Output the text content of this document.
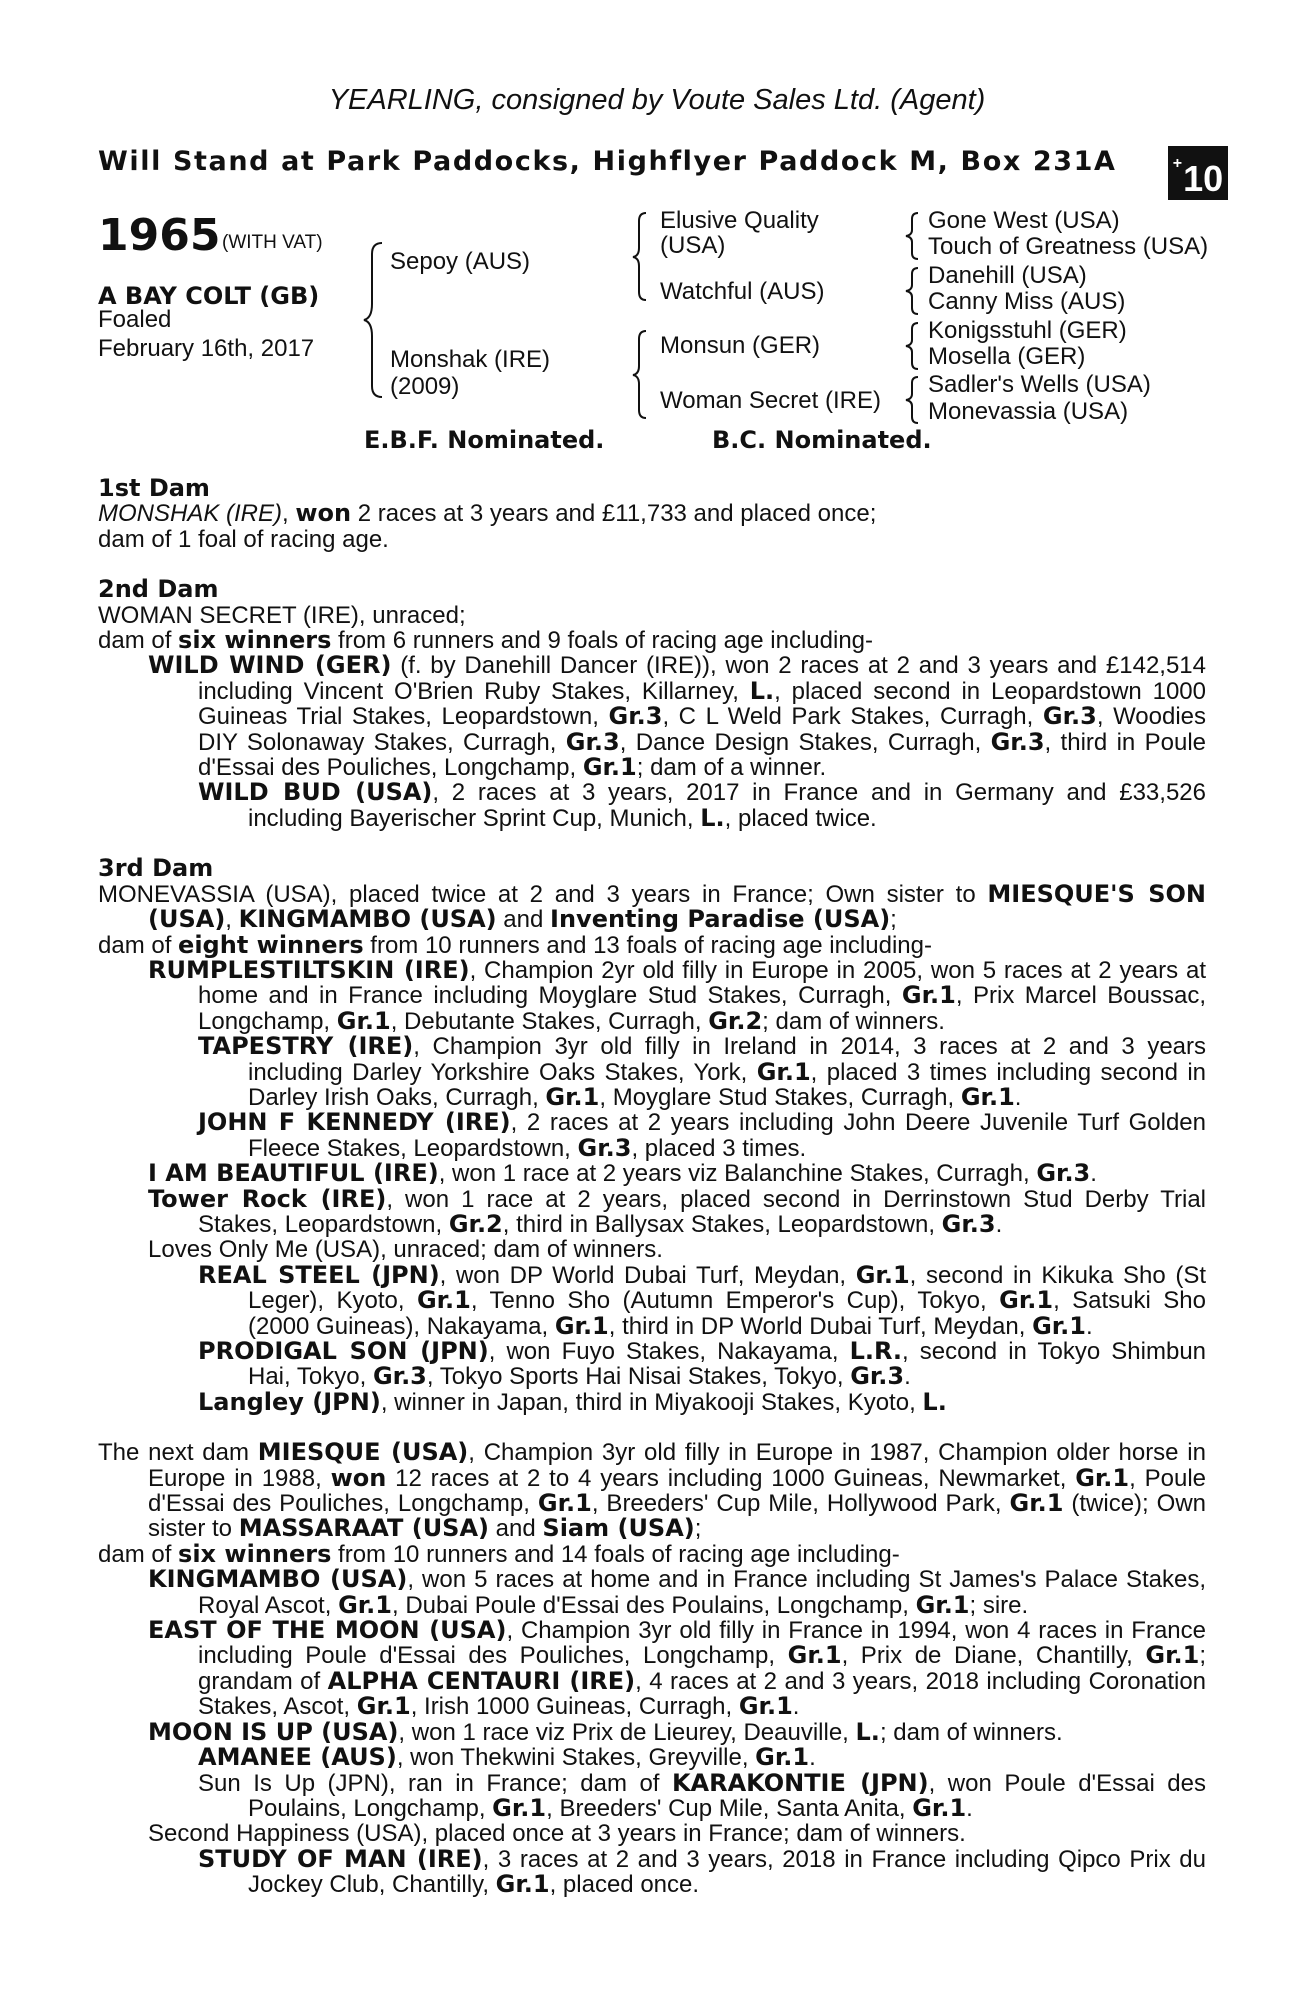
YEARLING, consigned by Voute Sales Ltd. (Agent)
Will Stand at Park Paddocks, Highflyer Paddock M, Box 231A	+10
1965 (WITH VAT)
A BAY COLT (GB)
Foaled
February 16th, 2017
Sepoy (AUS)
Monshak (IRE)
(2009)
Elusive Quality
(USA)
Watchful (AUS)
Monsun (GER)
Woman Secret (IRE)
Gone West (USA)
Touch of Greatness (USA)
Danehill (USA)
Canny Miss (AUS)
Konigsstuhl (GER)
Mosella (GER)
Sadler's Wells (USA)
Monevassia (USA)
E.B.F. Nominated.	B.C. Nominated.

1st Dam

MONSHAK (IRE), won 2 races at 3 years and £11,733 and placed once;

dam of 1 foal of racing age.

2nd Dam

WOMAN SECRET (IRE), unraced;

dam of six winners from 6 runners and 9 foals of racing age including-

WILD WIND (GER) (f. by Danehill Dancer (IRE)), won 2 races at 2 and 3 years and £142,514 including Vincent O'Brien Ruby Stakes, Killarney, L., placed second in Leopardstown 1000 Guineas Trial Stakes, Leopardstown, Gr.3, C L Weld Park Stakes, Curragh, Gr.3, Woodies DIY Solonaway Stakes, Curragh, Gr.3, Dance Design Stakes, Curragh, Gr.3, third in Poule d'Essai des Pouliches, Longchamp, Gr.1; dam of a winner.

WILD BUD (USA), 2 races at 3 years, 2017 in France and in Germany and £33,526 including Bayerischer Sprint Cup, Munich, L., placed twice.

3rd Dam

MONEVASSIA (USA), placed twice at 2 and 3 years in France; Own sister to MIESQUE'S SON (USA), KINGMAMBO (USA) and Inventing Paradise (USA);

dam of eight winners from 10 runners and 13 foals of racing age including-

RUMPLESTILTSKIN (IRE), Champion 2yr old filly in Europe in 2005, won 5 races at 2 years at home and in France including Moyglare Stud Stakes, Curragh, Gr.1, Prix Marcel Boussac, Longchamp, Gr.1, Debutante Stakes, Curragh, Gr.2; dam of winners.

TAPESTRY (IRE), Champion 3yr old filly in Ireland in 2014, 3 races at 2 and 3 years including Darley Yorkshire Oaks Stakes, York, Gr.1, placed 3 times including second in Darley Irish Oaks, Curragh, Gr.1, Moyglare Stud Stakes, Curragh, Gr.1.

JOHN F KENNEDY (IRE), 2 races at 2 years including John Deere Juvenile Turf Golden Fleece Stakes, Leopardstown, Gr.3, placed 3 times.

I AM BEAUTIFUL (IRE), won 1 race at 2 years viz Balanchine Stakes, Curragh, Gr.3.

Tower Rock (IRE), won 1 race at 2 years, placed second in Derrinstown Stud Derby Trial Stakes, Leopardstown, Gr.2, third in Ballysax Stakes, Leopardstown, Gr.3.

Loves Only Me (USA), unraced; dam of winners.

REAL STEEL (JPN), won DP World Dubai Turf, Meydan, Gr.1, second in Kikuka Sho (St Leger), Kyoto, Gr.1, Tenno Sho (Autumn Emperor's Cup), Tokyo, Gr.1, Satsuki Sho (2000 Guineas), Nakayama, Gr.1, third in DP World Dubai Turf, Meydan, Gr.1.

PRODIGAL SON (JPN), won Fuyo Stakes, Nakayama, L.R., second in Tokyo Shimbun Hai, Tokyo, Gr.3, Tokyo Sports Hai Nisai Stakes, Tokyo, Gr.3.

Langley (JPN), winner in Japan, third in Miyakooji Stakes, Kyoto, L.

The next dam MIESQUE (USA), Champion 3yr old filly in Europe in 1987, Champion older horse in Europe in 1988, won 12 races at 2 to 4 years including 1000 Guineas, Newmarket, Gr.1, Poule d'Essai des Pouliches, Longchamp, Gr.1, Breeders' Cup Mile, Hollywood Park, Gr.1 (twice); Own sister to MASSARAAT (USA) and Siam (USA);

dam of six winners from 10 runners and 14 foals of racing age including-

KINGMAMBO (USA), won 5 races at home and in France including St James's Palace Stakes, Royal Ascot, Gr.1, Dubai Poule d'Essai des Poulains, Longchamp, Gr.1; sire.

EAST OF THE MOON (USA), Champion 3yr old filly in France in 1994, won 4 races in France including Poule d'Essai des Pouliches, Longchamp, Gr.1, Prix de Diane, Chantilly, Gr.1; grandam of ALPHA CENTAURI (IRE), 4 races at 2 and 3 years, 2018 including Coronation Stakes, Ascot, Gr.1, Irish 1000 Guineas, Curragh, Gr.1.

MOON IS UP (USA), won 1 race viz Prix de Lieurey, Deauville, L.; dam of winners.

AMANEE (AUS), won Thekwini Stakes, Greyville, Gr.1.

Sun Is Up (JPN), ran in France; dam of KARAKONTIE (JPN), won Poule d'Essai des Poulains, Longchamp, Gr.1, Breeders' Cup Mile, Santa Anita, Gr.1.

Second Happiness (USA), placed once at 3 years in France; dam of winners.

STUDY OF MAN (IRE), 3 races at 2 and 3 years, 2018 in France including Qipco Prix du Jockey Club, Chantilly, Gr.1, placed once.
